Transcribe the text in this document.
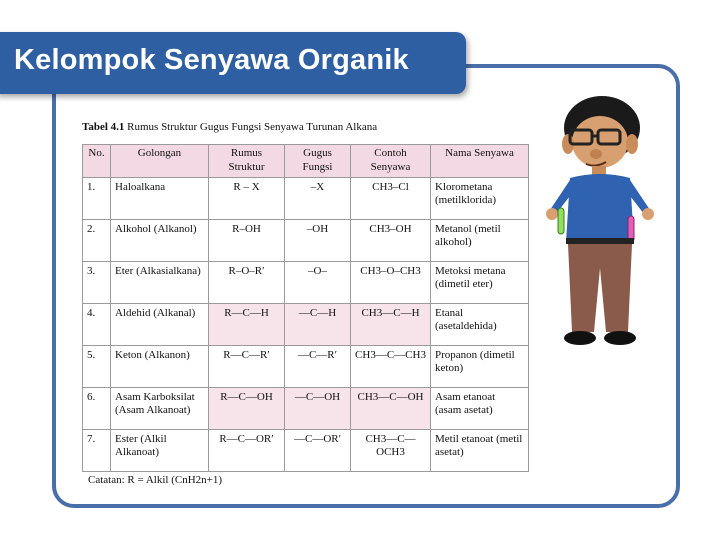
Kelompok Senyawa Organik
Tabel 4.1 Rumus Struktur Gugus Fungsi Senyawa Turunan Alkana
No.	Golongan	Rumus Struktur	Gugus Fungsi	Contoh Senyawa	Nama Senyawa
1.	Haloalkana	R – X	–X	CH3–Cl	Klorometana (metilklorida)
2.	Alkohol (Alkanol)	R–OH	–OH	CH3–OH	Metanol (metil alkohol)
3.	Eter (Alkasialkana)	R–O–R′	–O–	CH3–O–CH3	Metoksi metana (dimetil eter)
4.	Aldehid (Alkanal)	R—C—H	—C—H	CH3—C—H	Etanal (asetaldehida)
5.	Keton (Alkanon)	R—C—R′	—C—R′	CH3—C—CH3	Propanon (dimetil keton)
6.	Asam Karboksilat (Asam Alkanoat)	R—C—OH	—C—OH	CH3—C—OH	Asam etanoat (asam asetat)
7.	Ester (Alkil Alkanoat)	R—C—OR′	—C—OR′	CH3—C—OCH3	Metil etanoat (metil asetat)
Catatan: R = Alkil (CnH2n+1)
